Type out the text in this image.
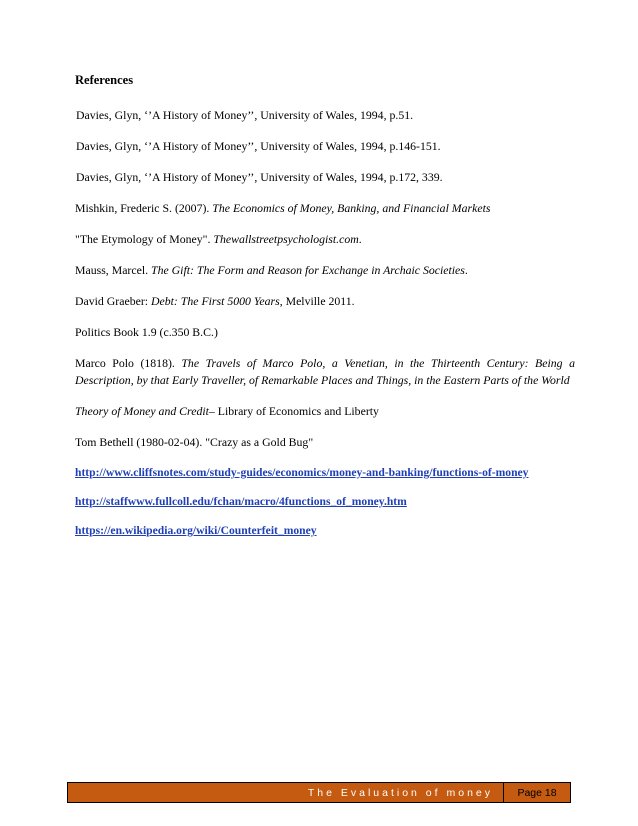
References
Davies, Glyn, ‘’A History of Money’’, University of Wales, 1994, p.51.
Davies, Glyn, ‘’A History of Money’’, University of Wales, 1994, p.146-151.
Davies, Glyn, ‘’A History of Money’’, University of Wales, 1994, p.172, 339.
Mishkin, Frederic S. (2007). The Economics of Money, Banking, and Financial Markets
"The Etymology of Money". Thewallstreetpsychologist.com.
Mauss, Marcel. The Gift: The Form and Reason for Exchange in Archaic Societies.
David Graeber: Debt: The First 5000 Years, Melville 2011.
Politics Book 1.9 (c.350 B.C.)
Marco Polo (1818). The Travels of Marco Polo, a Venetian, in the Thirteenth Century: Being a Description, by that Early Traveller, of Remarkable Places and Things, in the Eastern Parts of the World
Theory of Money and Credit– Library of Economics and Liberty
Tom Bethell (1980-02-04). "Crazy as a Gold Bug"
http://www.cliffsnotes.com/study-guides/economics/money-and-banking/functions-of-money
http://staffwww.fullcoll.edu/fchan/macro/4functions_of_money.htm
https://en.wikipedia.org/wiki/Counterfeit_money
The Evaluation of money	Page 18
